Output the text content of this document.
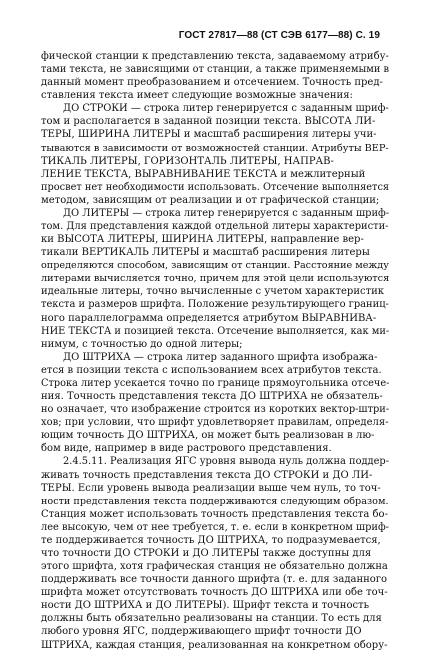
ГОСТ 27817—88 (СТ СЭВ 6177—88) С. 19
фической станции к представлению текста, задаваемому атрибу-
тами текста, не зависящими от станции, а также применяемыми в
данный момент преобразованием и отсечением. Точность пред-
ставления текста имеет следующие возможные значения:
ДО СТРОКИ — строка литер генерируется с заданным шриф-
том и располагается в заданной позиции текста. ВЫСОТА ЛИ-
ТЕРЫ, ШИРИНА ЛИТЕРЫ и масштаб расширения литеры учи-
тываются в зависимости от возможностей станции. Атрибуты ВЕР-
ТИКАЛЬ ЛИТЕРЫ, ГОРИЗОНТАЛЬ ЛИТЕРЫ, НАПРАВ-
ЛЕНИЕ ТЕКСТА, ВЫРАВНИВАНИЕ ТЕКСТА и межлитерный
просвет нет необходимости использовать. Отсечение выполняется
методом, зависящим от реализации и от графической станции;
ДО ЛИТЕРЫ — строка литер генерируется с заданным шриф-
том. Для представления каждой отдельной литеры характеристи-
ки ВЫСОТА ЛИТЕРЫ, ШИРИНА ЛИТЕРЫ, направление вер-
тикали ВЕРТИКАЛЬ ЛИТЕРЫ и масштаб расширения литеры
определяются способом, зависящим от станции. Расстояние между
литерами вычисляется точно, причем для этой цели используются
идеальные литеры, точно вычисленные с учетом характеристик
текста и размеров шрифта. Положение результирующего границ-
ного параллелограмма определяется атрибутом ВЫРАВНИВА-
НИЕ ТЕКСТА и позицией текста. Отсечение выполняется, как ми-
нимум, с точностью до одной литеры;
ДО ШТРИХА — строка литер заданного шрифта изобража-
ется в позиции текста с использованием всех атрибутов текста.
Строка литер усекается точно по границе прямоугольника отсече-
ния. Точность представления текста ДО ШТРИХА не обязатель-
но означает, что изображение строится из коротких вектор-штри-
хов; при условии, что шрифт удовлетворяет правилам, определя-
ющим точность ДО ШТРИХА, он может быть реализован в лю-
бом виде, например в виде растрового представления.
2.4.5.11. Реализация ЯГС уровня вывода нуль должна поддер-
живать точность представления текста ДО СТРОКИ и ДО ЛИ-
ТЕРЫ. Если уровень вывода реализации выше чем нуль, то точ-
ности представления текста поддерживаются следующим образом.
Станция может использовать точность представления текста бо-
лее высокую, чем от нее требуется, т. е. если в конкретном шриф-
те поддерживается точность ДО ШТРИХА, то подразумевается,
что точности ДО СТРОКИ и ДО ЛИТЕРЫ также доступны для
этого шрифта, хотя графическая станция не обязательно должна
поддерживать все точности данного шрифта (т. е. для заданного
шрифта может отсутствовать точность ДО ШТРИХА или обе точ-
ности ДО ШТРИХА и ДО ЛИТЕРЫ). Шрифт текста и точность
должны быть обязательно реализованы на станции. То есть для
любого уровня ЯГС, поддерживающего шрифт точности ДО
ШТРИХА, каждая станция, реализованная на конкретном обору-
